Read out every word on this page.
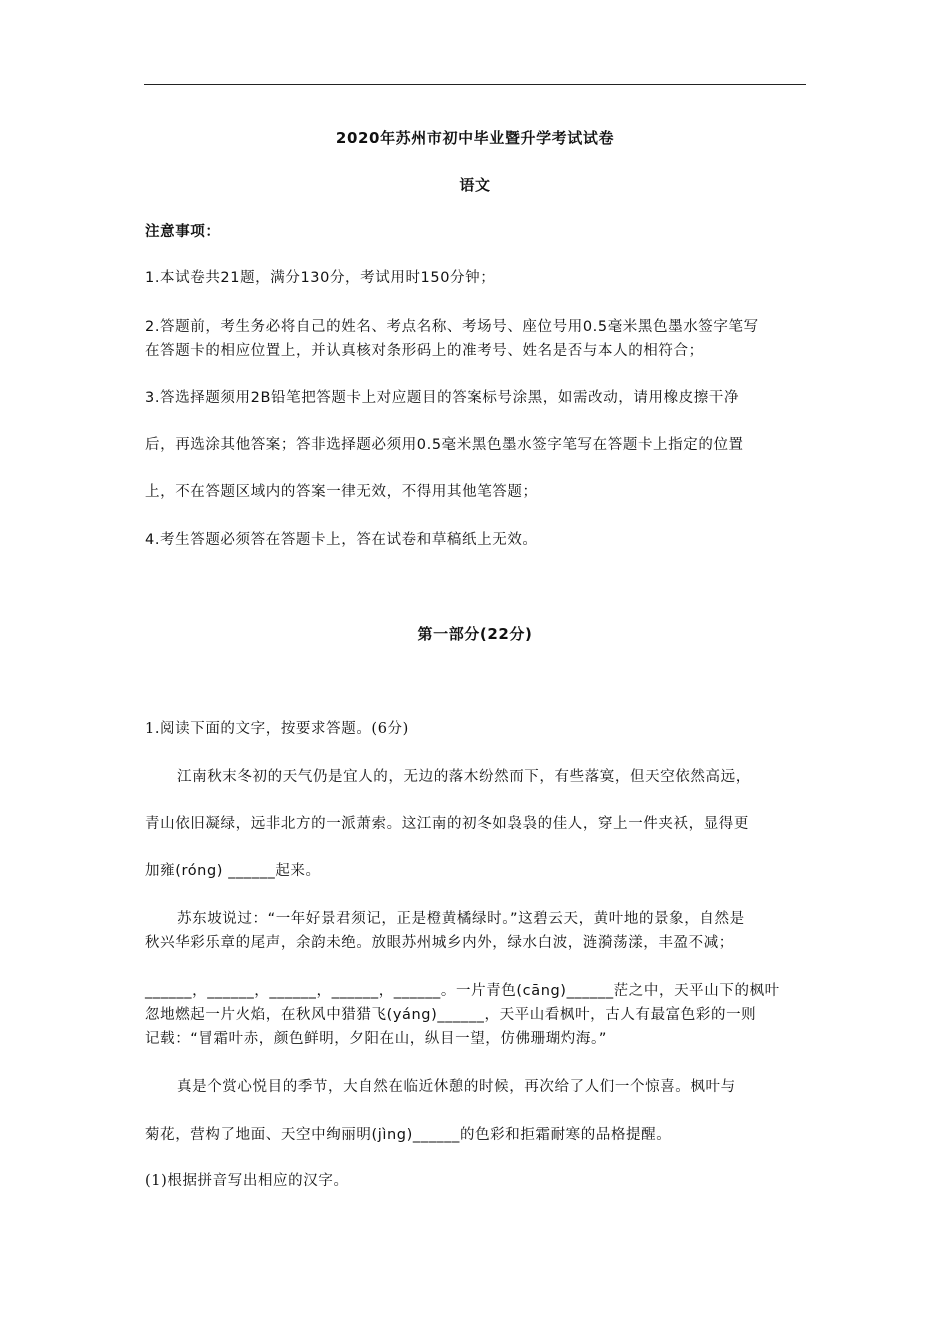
2020年苏州市初中毕业暨升学考试试卷
语文
注意事项：
1.本试卷共21题，满分130分，考试用时150分钟；
2.答题前，考生务必将自己的姓名、考点名称、考场号、座位号用0.5毫米黑色墨水签字笔写
在答题卡的相应位置上，并认真核对条形码上的准考号、姓名是否与本人的相符合；
3.答选择题须用2B铅笔把答题卡上对应题目的答案标号涂黑，如需改动，请用橡皮擦干净
后，再选涂其他答案；答非选择题必须用0.5毫米黑色墨水签字笔写在答题卡上指定的位置
上，不在答题区域内的答案一律无效，不得用其他笔答题；
4.考生答题必须答在答题卡上，答在试卷和草稿纸上无效。
第一部分(22分)
1.阅读下面的文字，按要求答题。(6分)
江南秋末冬初的天气仍是宜人的，无边的落木纷然而下，有些落寞，但天空依然高远，
青山依旧凝绿，远非北方的一派萧索。这江南的初冬如袅袅的佳人，穿上一件夹袄，显得更
加雍(róng) ______起来。
苏东坡说过：“一年好景君须记，正是橙黄橘绿时。”这碧云天，黄叶地的景象，自然是
秋兴华彩乐章的尾声，余韵未绝。放眼苏州城乡内外，绿水白波，涟漪荡漾，丰盈不减；
______，______，______，______，______。一片青色(cāng)______茫之中，天平山下的枫叶
忽地燃起一片火焰，在秋风中猎猎飞(yáng)______，天平山看枫叶，古人有最富色彩的一则
记载：“冒霜叶赤，颜色鲜明，夕阳在山，纵目一望，仿佛珊瑚灼海。”
真是个赏心悦目的季节，大自然在临近休憩的时候，再次给了人们一个惊喜。枫叶与
菊花，营构了地面、天空中绚丽明(jìng)______的色彩和拒霜耐寒的品格提醒。
(1)根据拼音写出相应的汉字。
